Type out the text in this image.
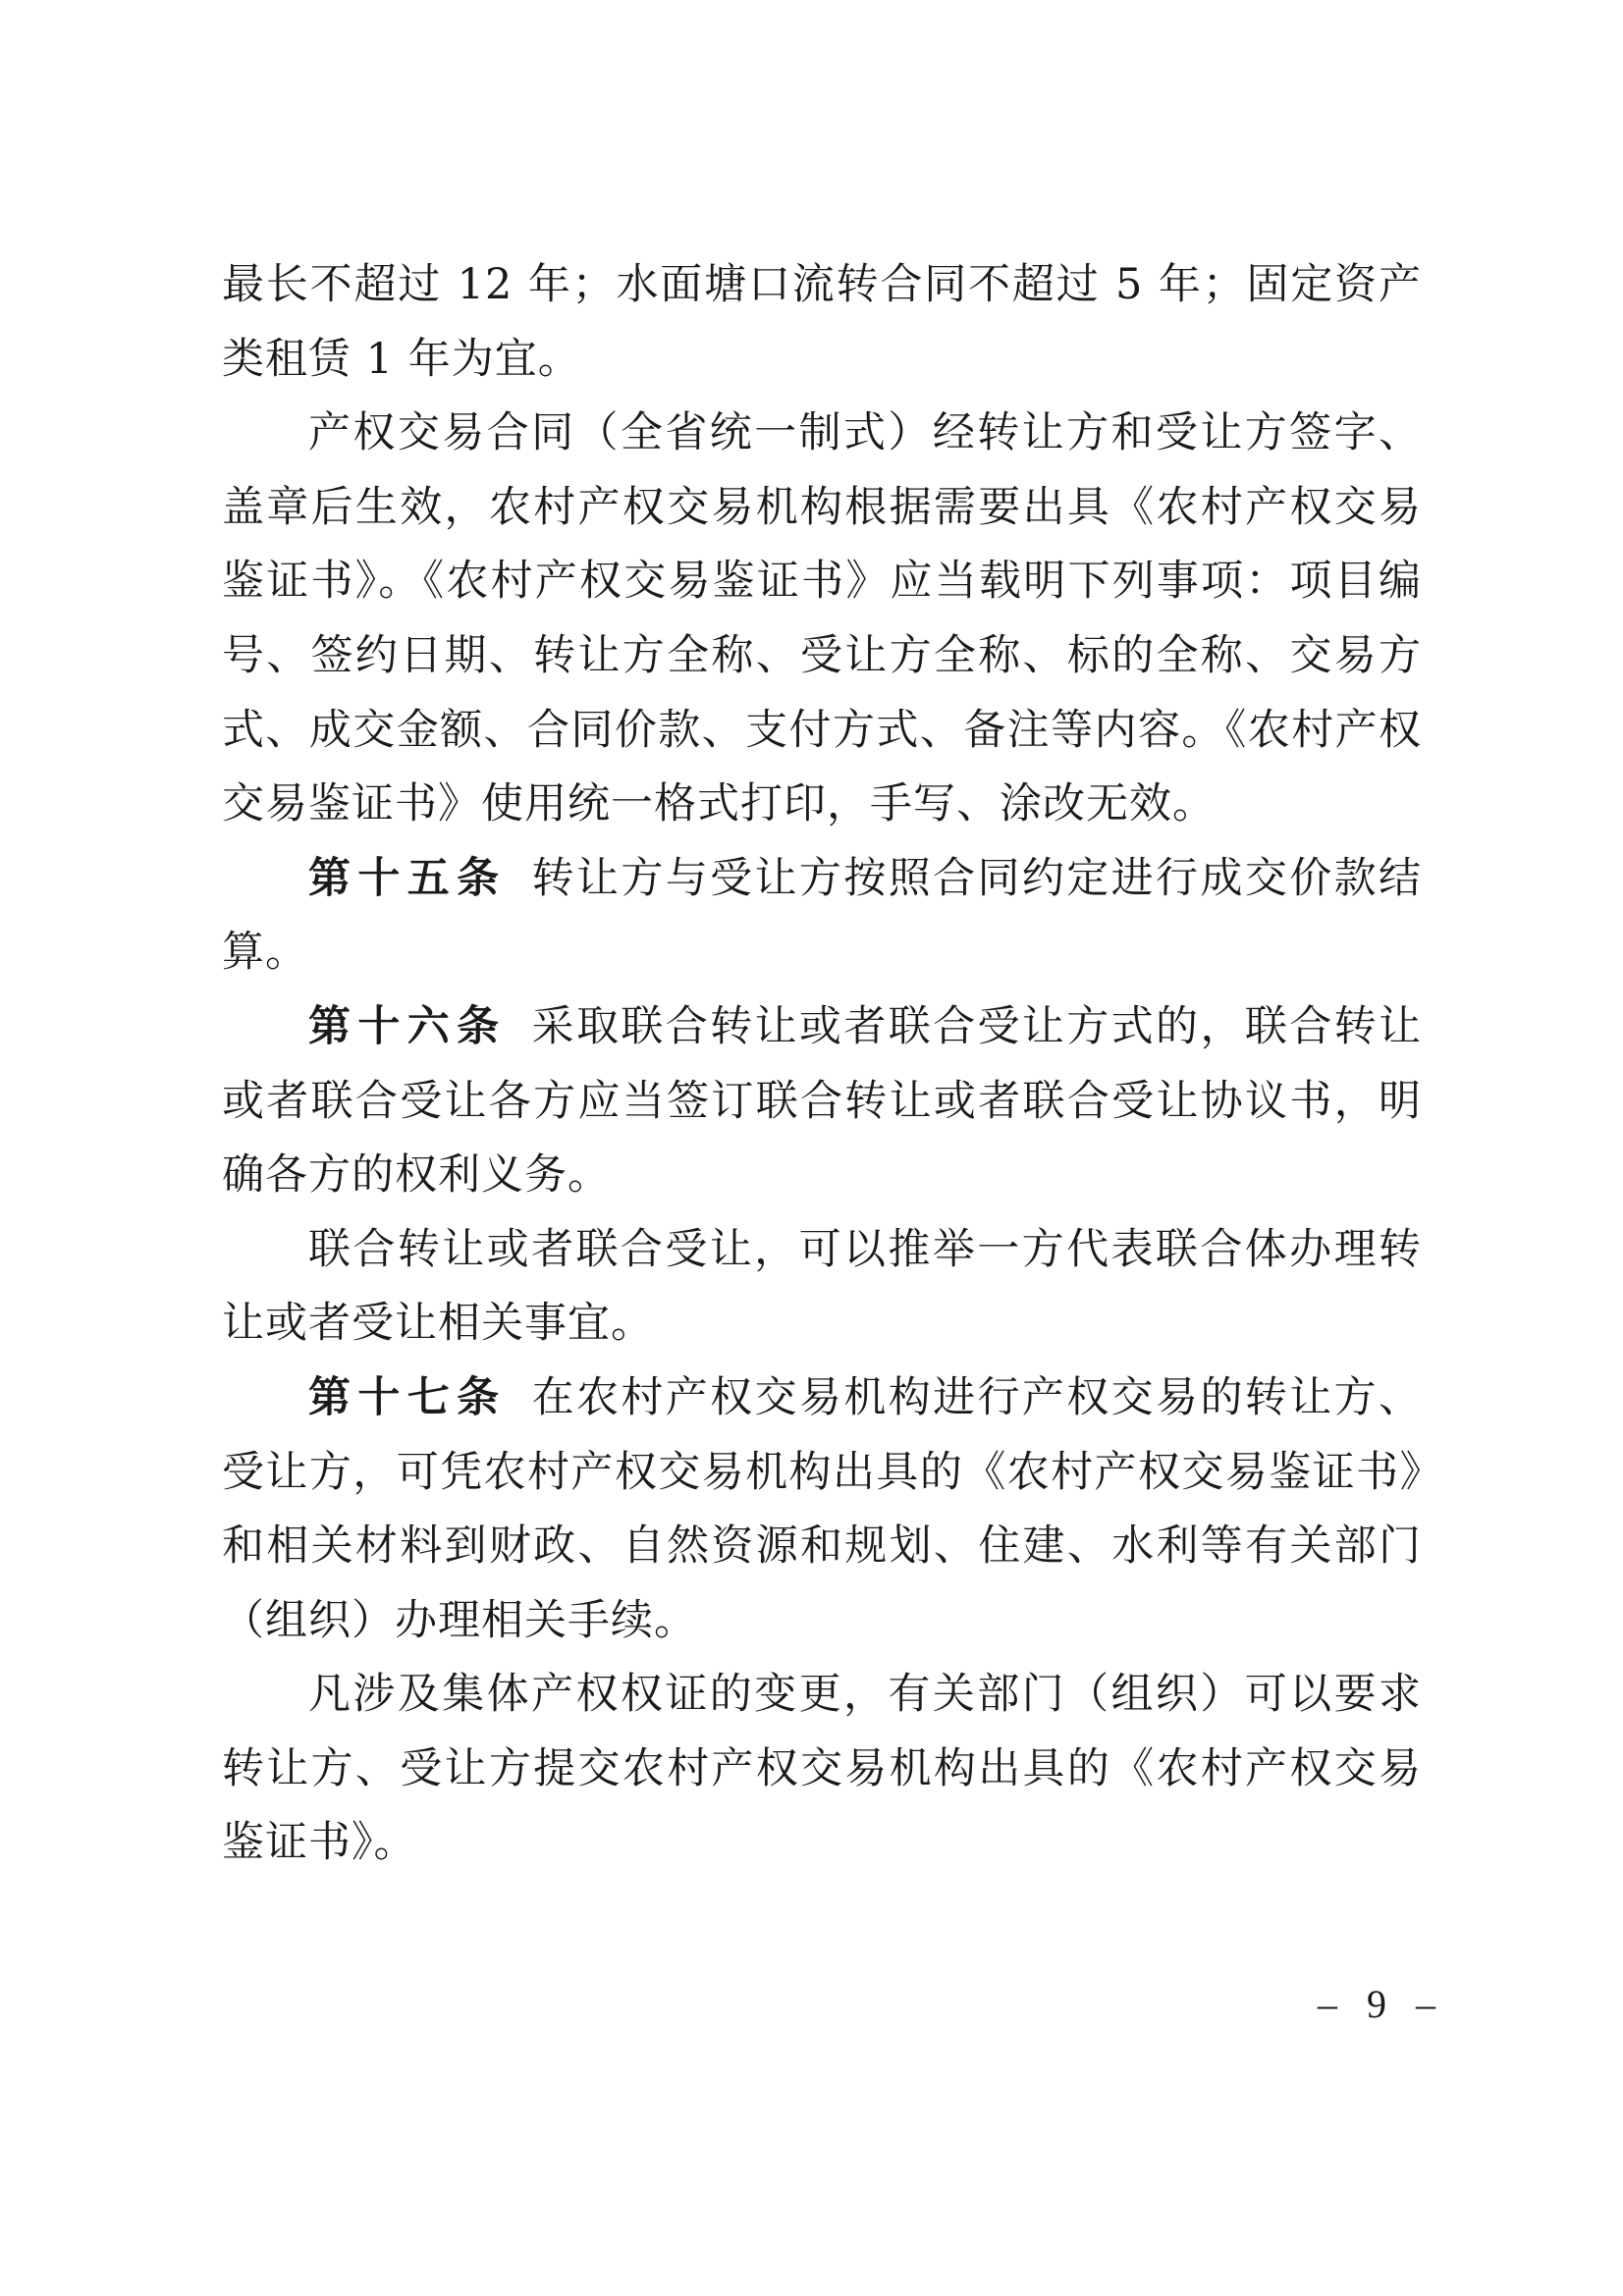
最长不超过 12 年；水面塘口流转合同不超过 5 年；固定资产类租赁 1 年为宜。

产权交易合同（全省统一制式）经转让方和受让方签字、盖章后生效，农村产权交易机构根据需要出具《农村产权交易鉴证书》。《农村产权交易鉴证书》应当载明下列事项：项目编号、签约日期、转让方全称、受让方全称、标的全称、交易方式、成交金额、合同价款、支付方式、备注等内容。《农村产权交易鉴证书》使用统一格式打印，手写、涂改无效。

第十五条 转让方与受让方按照合同约定进行成交价款结算。

第十六条 采取联合转让或者联合受让方式的，联合转让或者联合受让各方应当签订联合转让或者联合受让协议书，明确各方的权利义务。

联合转让或者联合受让，可以推举一方代表联合体办理转让或者受让相关事宜。

第十七条 在农村产权交易机构进行产权交易的转让方、受让方，可凭农村产权交易机构出具的《农村产权交易鉴证书》和相关材料到财政、自然资源和规划、住建、水利等有关部门（组织）办理相关手续。

凡涉及集体产权权证的变更，有关部门（组织）可以要求转让方、受让方提交农村产权交易机构出具的《农村产权交易鉴证书》。

– 9 –
